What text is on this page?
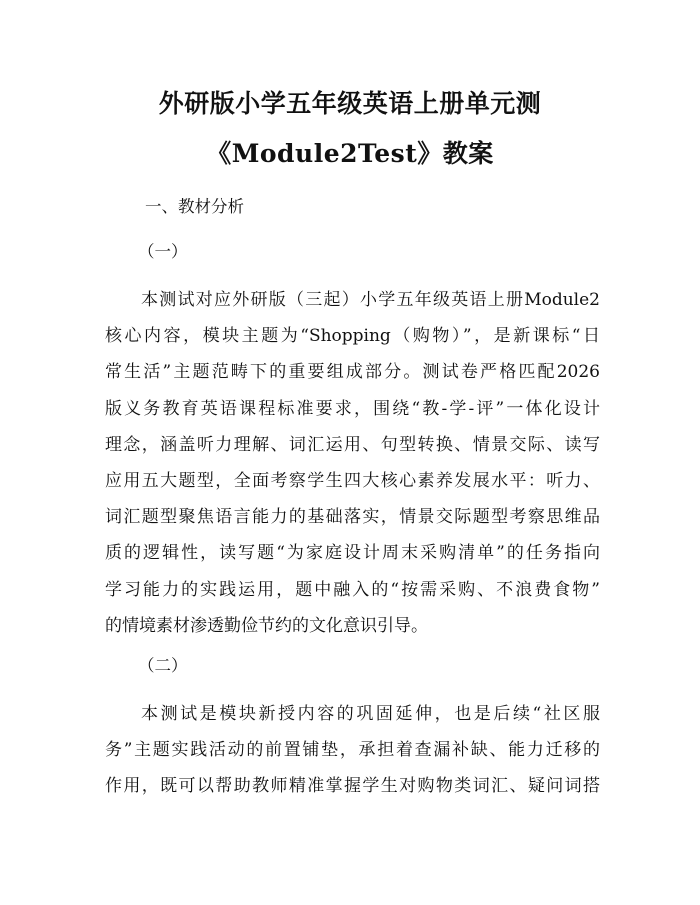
外研版小学五年级英语上册单元测
《Module2Test》教案
一、教材分析
（一）
本测试对应外研版（三起）小学五年级英语上册Module2
核心内容，模块主题为“Shopping（购物）”，是新课标“日
常生活”主题范畴下的重要组成部分。测试卷严格匹配2026
版义务教育英语课程标准要求，围绕“教-学-评”一体化设计
理念，涵盖听力理解、词汇运用、句型转换、情景交际、读写
应用五大题型，全面考察学生四大核心素养发展水平：听力、
词汇题型聚焦语言能力的基础落实，情景交际题型考察思维品
质的逻辑性，读写题“为家庭设计周末采购清单”的任务指向
学习能力的实践运用，题中融入的“按需采购、不浪费食物”
的情境素材渗透勤俭节约的文化意识引导。
（二）
本测试是模块新授内容的巩固延伸，也是后续“社区服
务”主题实践活动的前置铺垫，承担着查漏补缺、能力迁移的
作用，既可以帮助教师精准掌握学生对购物类词汇、疑问词搭
